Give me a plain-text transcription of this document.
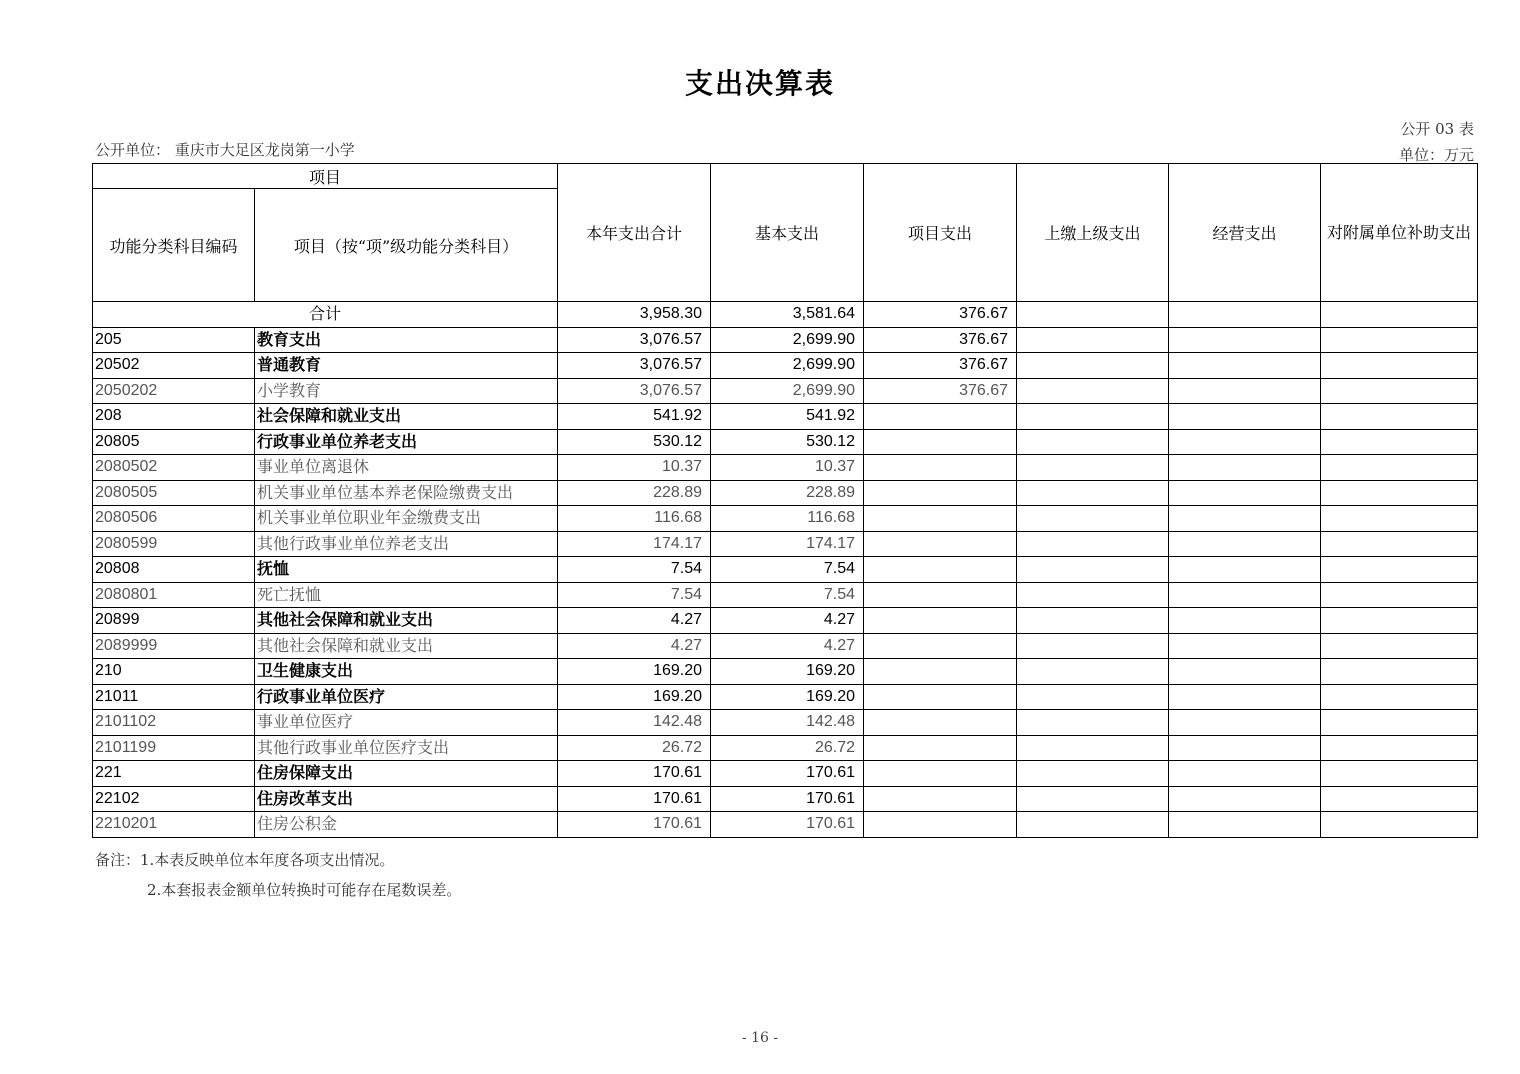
支出决算表
公开 03 表
公开单位： 重庆市大足区龙岗第一小学	单位：万元
项目		本年支出合计	基本支出	项目支出	上缴上级支出	经营支出	对附属单位补助支出
功能分类科目编码	项目（按“项”级功能分类科目）						
合计		3,958.30	3,581.64	376.67			
205	教育支出	3,076.57	2,699.90	376.67			
20502	普通教育	3,076.57	2,699.90	376.67			
2050202	小学教育	3,076.57	2,699.90	376.67			
208	社会保障和就业支出	541.92	541.92				
20805	行政事业单位养老支出	530.12	530.12				
2080502	事业单位离退休	10.37	10.37				
2080505	机关事业单位基本养老保险缴费支出	228.89	228.89				
2080506	机关事业单位职业年金缴费支出	116.68	116.68				
2080599	其他行政事业单位养老支出	174.17	174.17				
20808	抚恤	7.54	7.54				
2080801	死亡抚恤	7.54	7.54				
20899	其他社会保障和就业支出	4.27	4.27				
2089999	其他社会保障和就业支出	4.27	4.27				
210	卫生健康支出	169.20	169.20				
21011	行政事业单位医疗	169.20	169.20				
2101102	事业单位医疗	142.48	142.48				
2101199	其他行政事业单位医疗支出	26.72	26.72				
221	住房保障支出	170.61	170.61				
22102	住房改革支出	170.61	170.61				
2210201	住房公积金	170.61	170.61				
备注：1.本表反映单位本年度各项支出情况。
2.本套报表金额单位转换时可能存在尾数误差。
- 16 -
